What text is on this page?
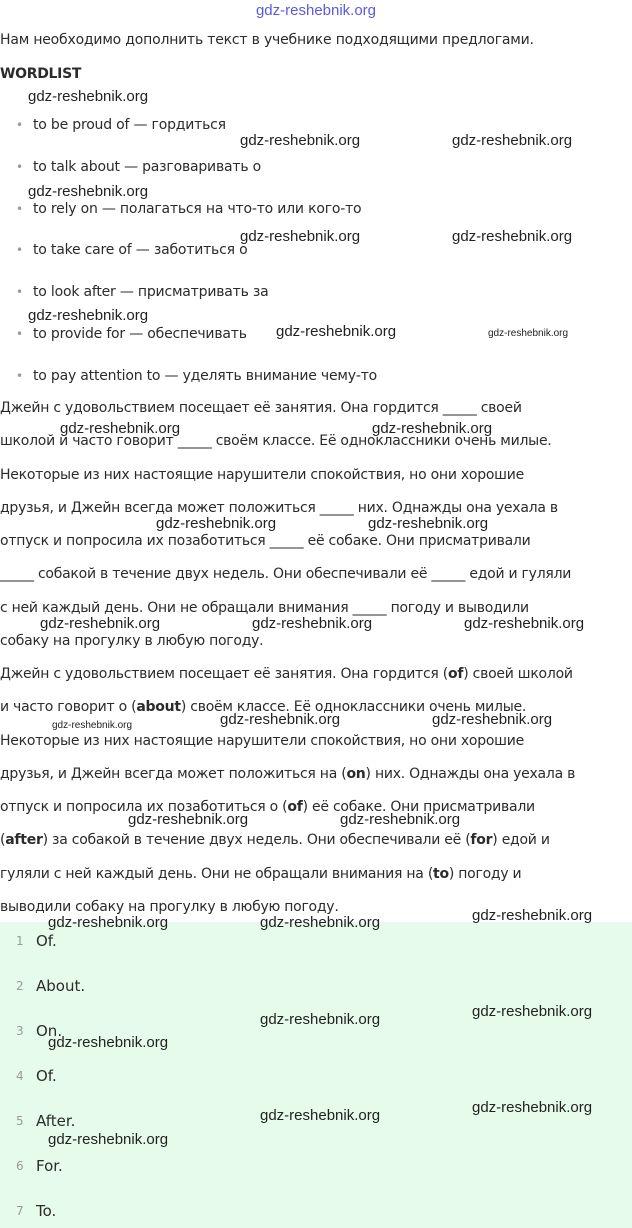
gdz-reshebnik.org
Нам необходимо дополнить текст в учебнике подходящими предлогами.
WORDLIST
• to be proud of — гордиться
• to talk about — разговаривать о
• to rely on — полагаться на что-то или кого-то
• to take care of — заботиться о
• to look after — присматривать за
• to provide for — обеспечивать
• to pay attention to — уделять внимание чему-то
Джейн с удовольствием посещает её занятия. Она гордится _____ своей
школой и часто говорит _____ своём классе. Её одноклассники очень милые.
Некоторые из них настоящие нарушители спокойствия, но они хорошие
друзья, и Джейн всегда может положиться _____ них. Однажды она уехала в
отпуск и попросила их позаботиться _____ её собаке. Они присматривали
_____ собакой в течение двух недель. Они обеспечивали её _____ едой и гуляли
с ней каждый день. Они не обращали внимания _____ погоду и выводили
собаку на прогулку в любую погоду.
Джейн с удовольствием посещает её занятия. Она гордится (of) своей школой
и часто говорит о (about) своём классе. Её одноклассники очень милые.
Некоторые из них настоящие нарушители спокойствия, но они хорошие
друзья, и Джейн всегда может положиться на (on) них. Однажды она уехала в
отпуск и попросила их позаботиться о (of) её собаке. Они присматривали
(after) за собакой в течение двух недель. Они обеспечивали её (for) едой и
гуляли с ней каждый день. Они не обращали внимания на (to) погоду и
выводили собаку на прогулку в любую погоду.
1 Of.
2 About.
3 On.
4 Of.
5 After.
6 For.
7 To.
gdz-reshebnik.org
gdz-reshebnik.org	gdz-reshebnik.org
gdz-reshebnik.org
gdz-reshebnik.org	gdz-reshebnik.org
gdz-reshebnik.org
gdz-reshebnik.org	gdz-reshebnik.org
gdz-reshebnik.org	gdz-reshebnik.org
gdz-reshebnik.org	gdz-reshebnik.org
gdz-reshebnik.org	gdz-reshebnik.org	gdz-reshebnik.org
gdz-reshebnik.org	gdz-reshebnik.org	gdz-reshebnik.org
gdz-reshebnik.org	gdz-reshebnik.org
gdz-reshebnik.org
gdz-reshebnik.org	gdz-reshebnik.org
gdz-reshebnik.org
gdz-reshebnik.org
gdz-reshebnik.org
gdz-reshebnik.org
gdz-reshebnik.org
gdz-reshebnik.org
